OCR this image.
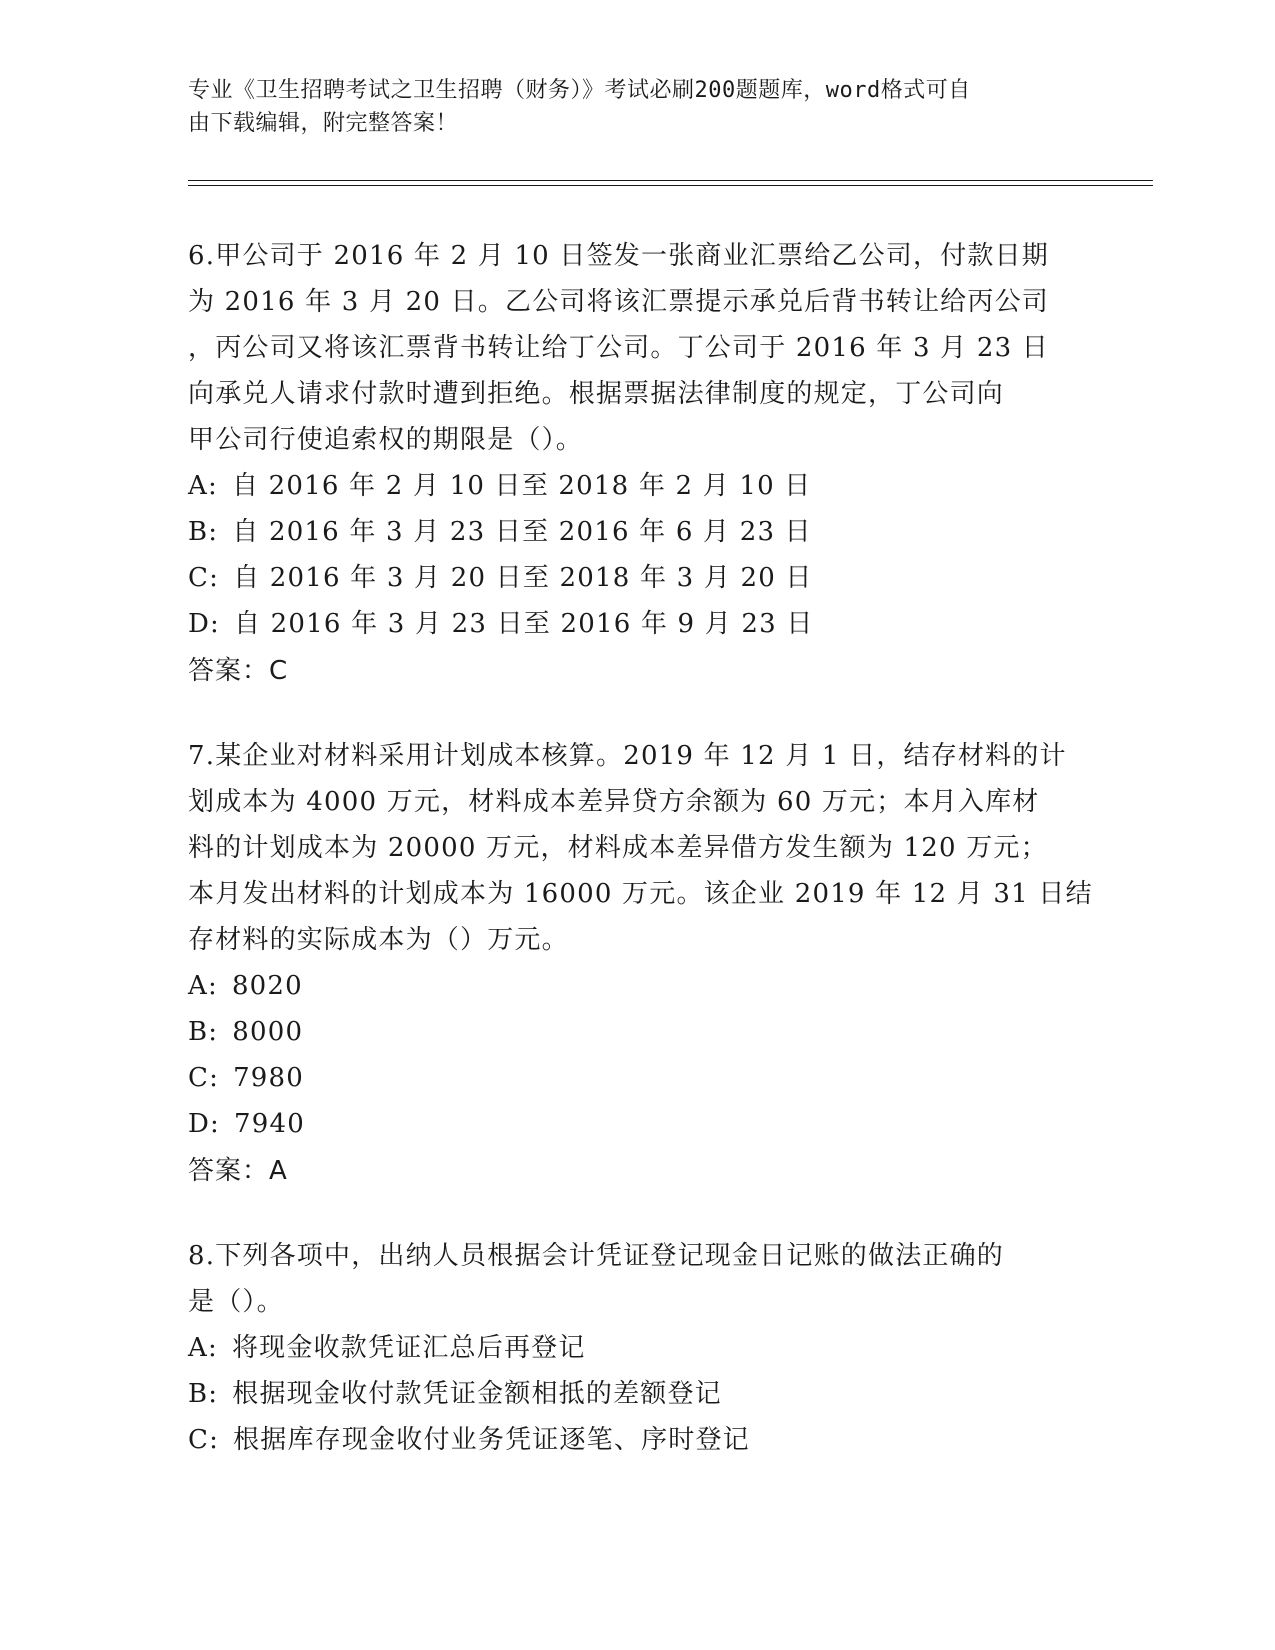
专业《卫生招聘考试之卫生招聘（财务）》考试必刷200题题库，word格式可自
由下载编辑，附完整答案！
6.甲公司于 2016 年 2 月 10 日签发一张商业汇票给乙公司，付款日期
为 2016 年 3 月 20 日。乙公司将该汇票提示承兑后背书转让给丙公司
，丙公司又将该汇票背书转让给丁公司。丁公司于 2016 年 3 月 23 日
向承兑人请求付款时遭到拒绝。根据票据法律制度的规定，丁公司向
甲公司行使追索权的期限是（）。
A: 自 2016 年 2 月 10 日至 2018 年 2 月 10 日
B: 自 2016 年 3 月 23 日至 2016 年 6 月 23 日
C: 自 2016 年 3 月 20 日至 2018 年 3 月 20 日
D: 自 2016 年 3 月 23 日至 2016 年 9 月 23 日
答案：C
7.某企业对材料采用计划成本核算。2019 年 12 月 1 日，结存材料的计
划成本为 4000 万元，材料成本差异贷方余额为 60 万元；本月入库材
料的计划成本为 20000 万元，材料成本差异借方发生额为 120 万元；
本月发出材料的计划成本为 16000 万元。该企业 2019 年 12 月 31 日结
存材料的实际成本为（）万元。
A: 8020
B: 8000
C: 7980
D: 7940
答案：A
8.下列各项中，出纳人员根据会计凭证登记现金日记账的做法正确的
是（）。
A: 将现金收款凭证汇总后再登记
B: 根据现金收付款凭证金额相抵的差额登记
C: 根据库存现金收付业务凭证逐笔、序时登记
